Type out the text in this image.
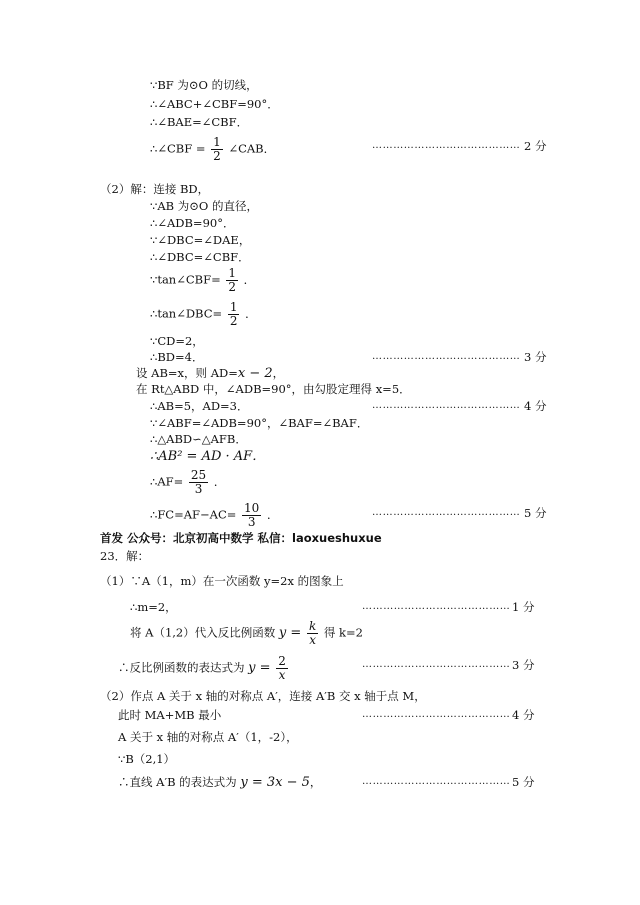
∵BF 为⊙O 的切线，
∴∠ABC+∠CBF=90°．
∴∠BAE=∠CBF．
∴∠CBF = $\frac{1}{2}$ ∠CAB．	…………………………………… 2 分
（2）解：连接 BD，
∵AB 为⊙O 的直径，
∴∠ADB=90°．
∵∠DBC=∠DAE，
∴∠DBC=∠CBF．
∵tan∠CBF= $\frac{1}{2}$ ．
∴tan∠DBC= $\frac{1}{2}$ ．
∵CD=2，
∴BD=4．	…………………………………… 3 分
设 AB=x，则 AD=x − 2，
在 Rt△ABD 中，∠ADB=90°，由勾股定理得 x=5．
∴AB=5，AD=3．	…………………………………… 4 分
∵∠ABF=∠ADB=90°，∠BAF=∠BAF．
∴△ABD∽△AFB．
∴AB² = AD · AF．
∴AF= $\frac{25}{3}$ ．
∴FC=AF−AC= $\frac{10}{3}$ ．	…………………………………… 5 分
首发 公众号：北京初高中数学 私信：laoxueshuxue
23．解：
（1）∵A（1，m）在一次函数 y=2x 的图象上
∴m=2，	…………………………………… 1 分
将 A（1,2）代入反比例函数 $y = \frac{k}{x}$ 得 k=2
∴反比例函数的表达式为 $y = \frac{2}{x}$	…………………………………… 3 分
（2）作点 A 关于 x 轴的对称点 A′，连接 A′B 交 x 轴于点 M，
此时 MA+MB 最小	…………………………………… 4 分
A 关于 x 轴的对称点 A′（1，-2），
∵B（2,1）
∴直线 A′B 的表达式为 y = 3x − 5，	…………………………………… 5 分
